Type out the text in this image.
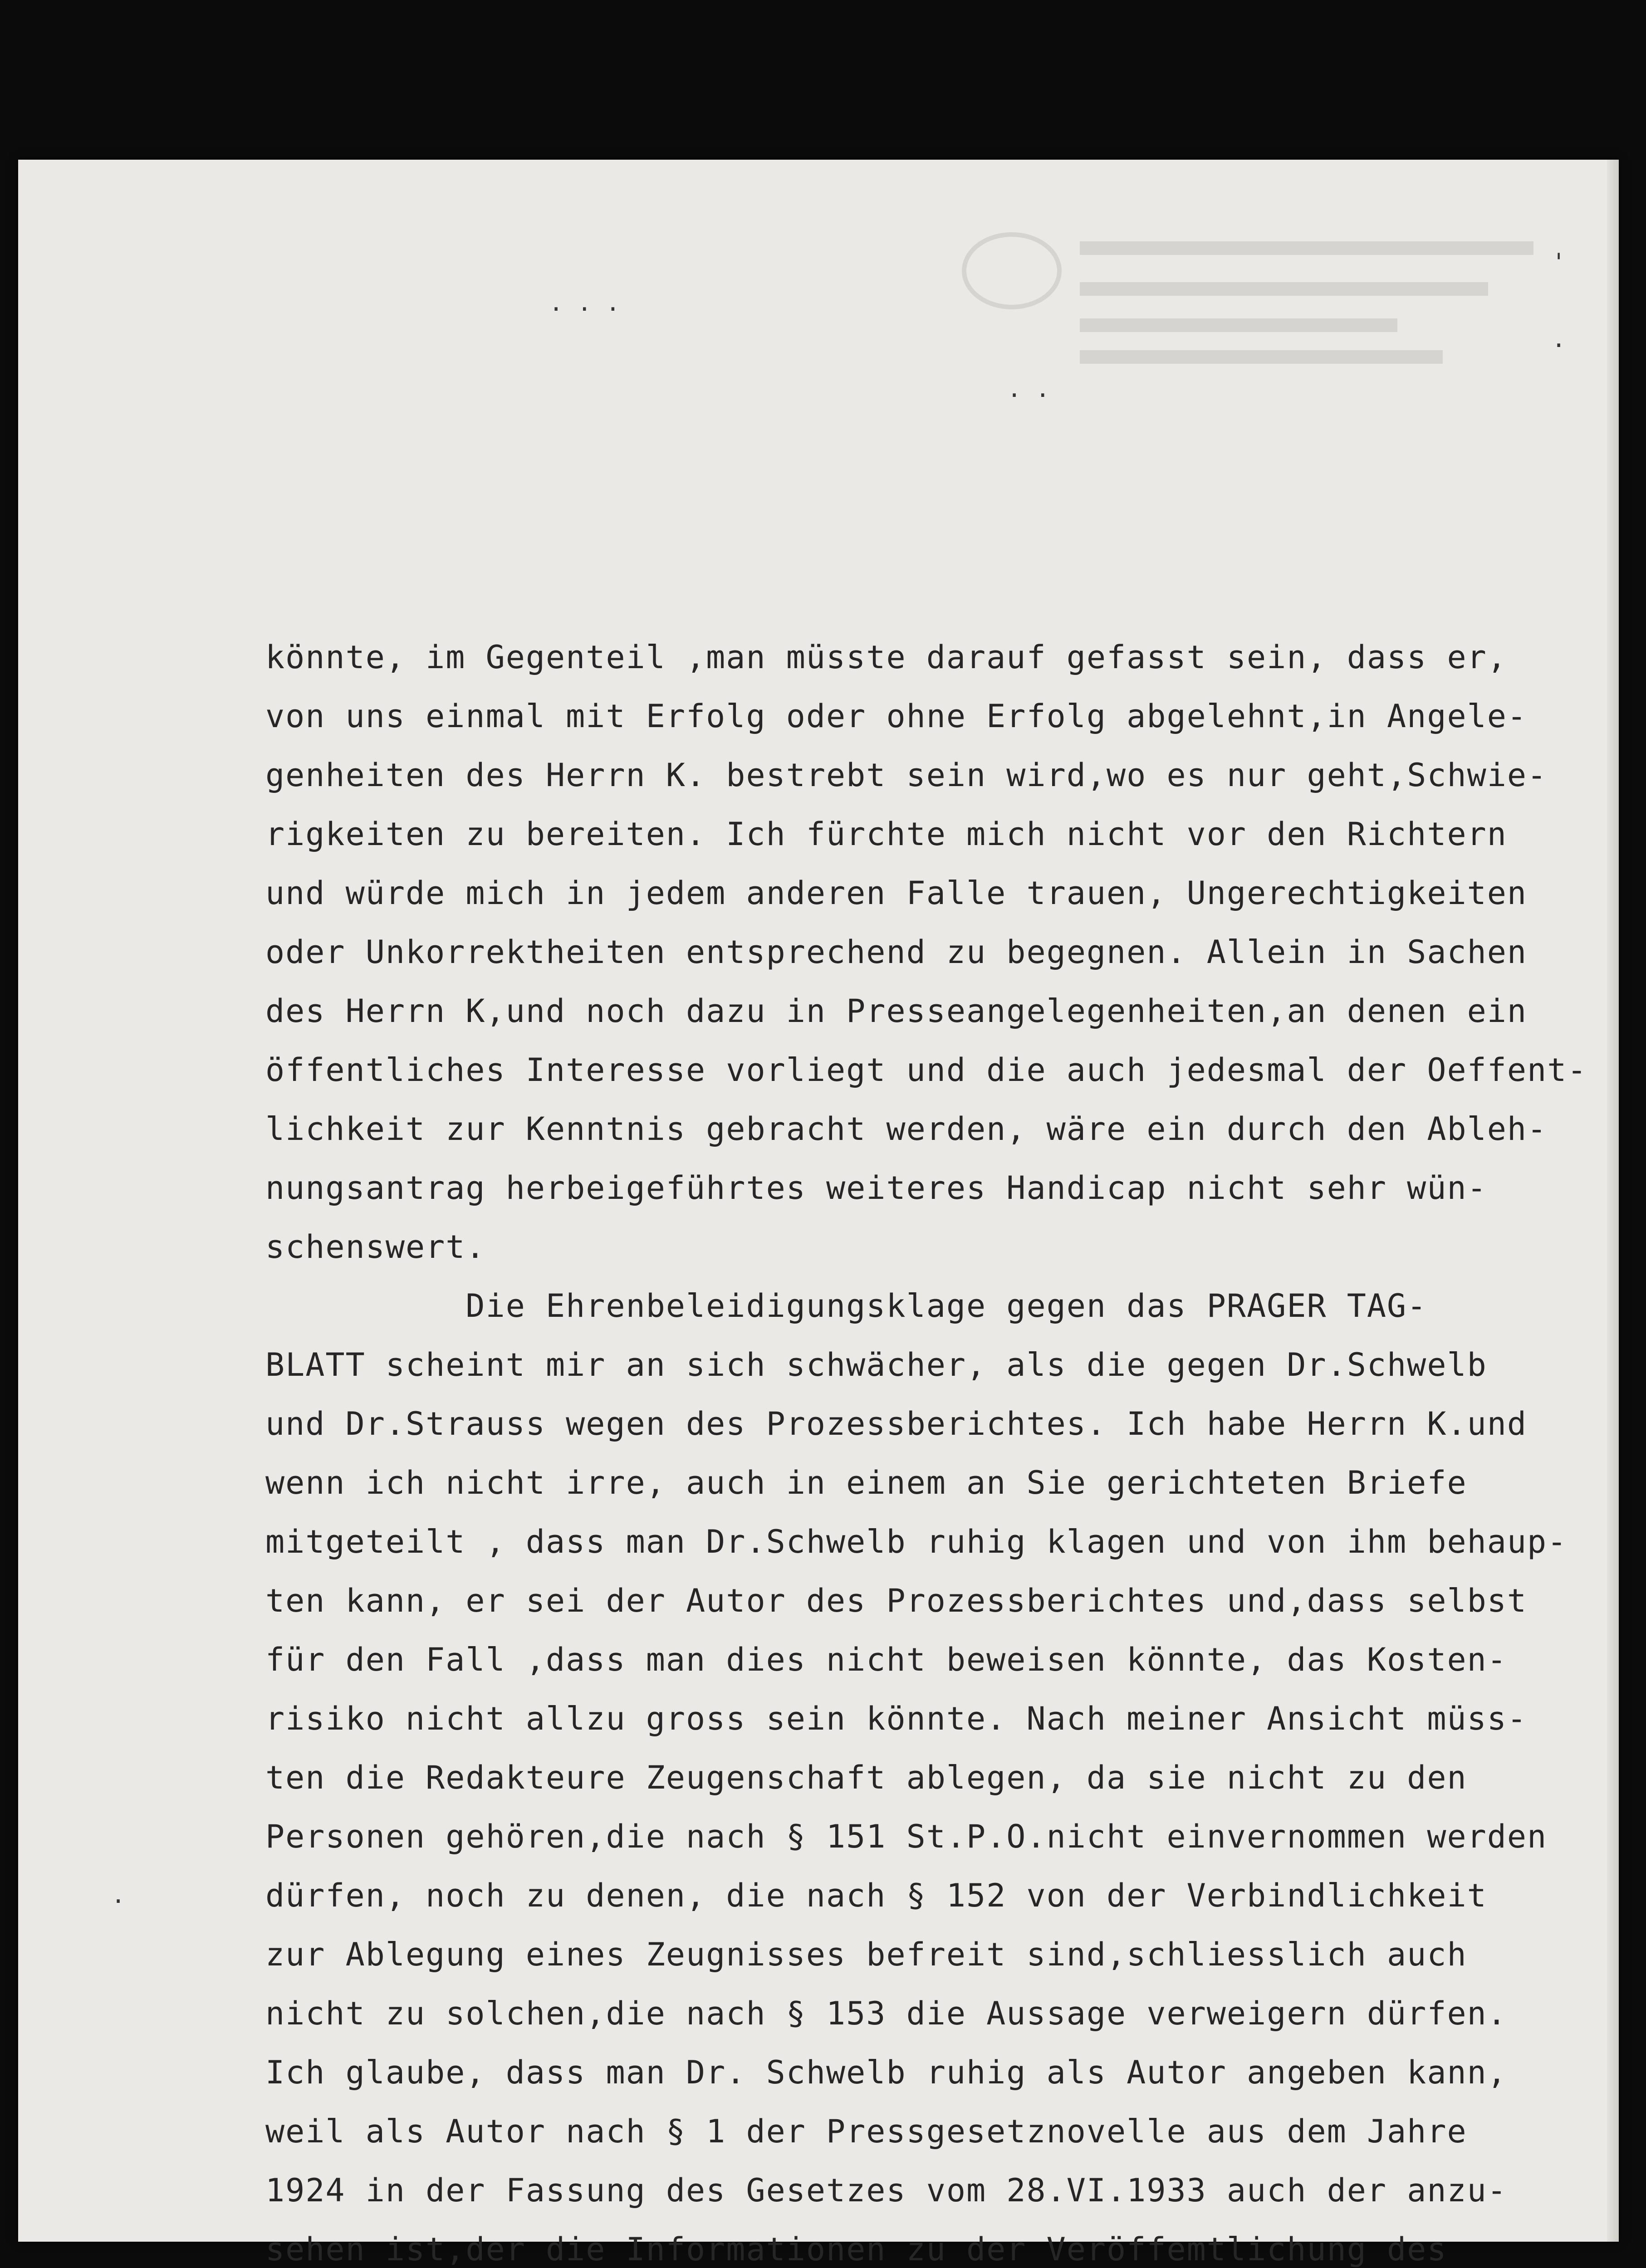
. . .
. .
'
.
.
könnte, im Gegenteil ,man müsste darauf gefasst sein, dass er,
von uns einmal mit Erfolg oder ohne Erfolg abgelehnt,in Angele-
genheiten des Herrn K. bestrebt sein wird,wo es nur geht,Schwie-
rigkeiten zu bereiten. Ich fürchte mich nicht vor den Richtern
und würde mich in jedem anderen Falle trauen, Ungerechtigkeiten
oder Unkorrektheiten entsprechend zu begegnen. Allein in Sachen
des Herrn K,und noch dazu in Presseangelegenheiten,an denen ein
öffentliches Interesse vorliegt und die auch jedesmal der Oeffent-
lichkeit zur Kenntnis gebracht werden, wäre ein durch den Ableh-
nungsantrag herbeigeführtes weiteres Handicap nicht sehr wün-
schenswert.
Die Ehrenbeleidigungsklage gegen das PRAGER TAG-
BLATT scheint mir an sich schwächer, als die gegen Dr.Schwelb
und Dr.Strauss wegen des Prozessberichtes. Ich habe Herrn K.und
wenn ich nicht irre, auch in einem an Sie gerichteten Briefe
mitgeteilt , dass man Dr.Schwelb ruhig klagen und von ihm behaup-
ten kann, er sei der Autor des Prozessberichtes und,dass selbst
für den Fall ,dass man dies nicht beweisen könnte, das Kosten-
risiko nicht allzu gross sein könnte. Nach meiner Ansicht müss-
ten die Redakteure Zeugenschaft ablegen, da sie nicht zu den
Personen gehören,die nach § 151 St.P.O.nicht einvernommen werden
dürfen, noch zu denen, die nach § 152 von der Verbindlichkeit
zur Ablegung eines Zeugnisses befreit sind,schliesslich auch
nicht zu solchen,die nach § 153 die Aussage verweigern dürfen.
Ich glaube, dass man Dr. Schwelb ruhig als Autor angeben kann,
weil als Autor nach § 1 der Pressgesetznovelle aus dem Jahre
1924 in der Fassung des Gesetzes vom 28.VI.1933 auch der anzu-
sehen ist,der die Informationen zu der Veröffemtlichung des
